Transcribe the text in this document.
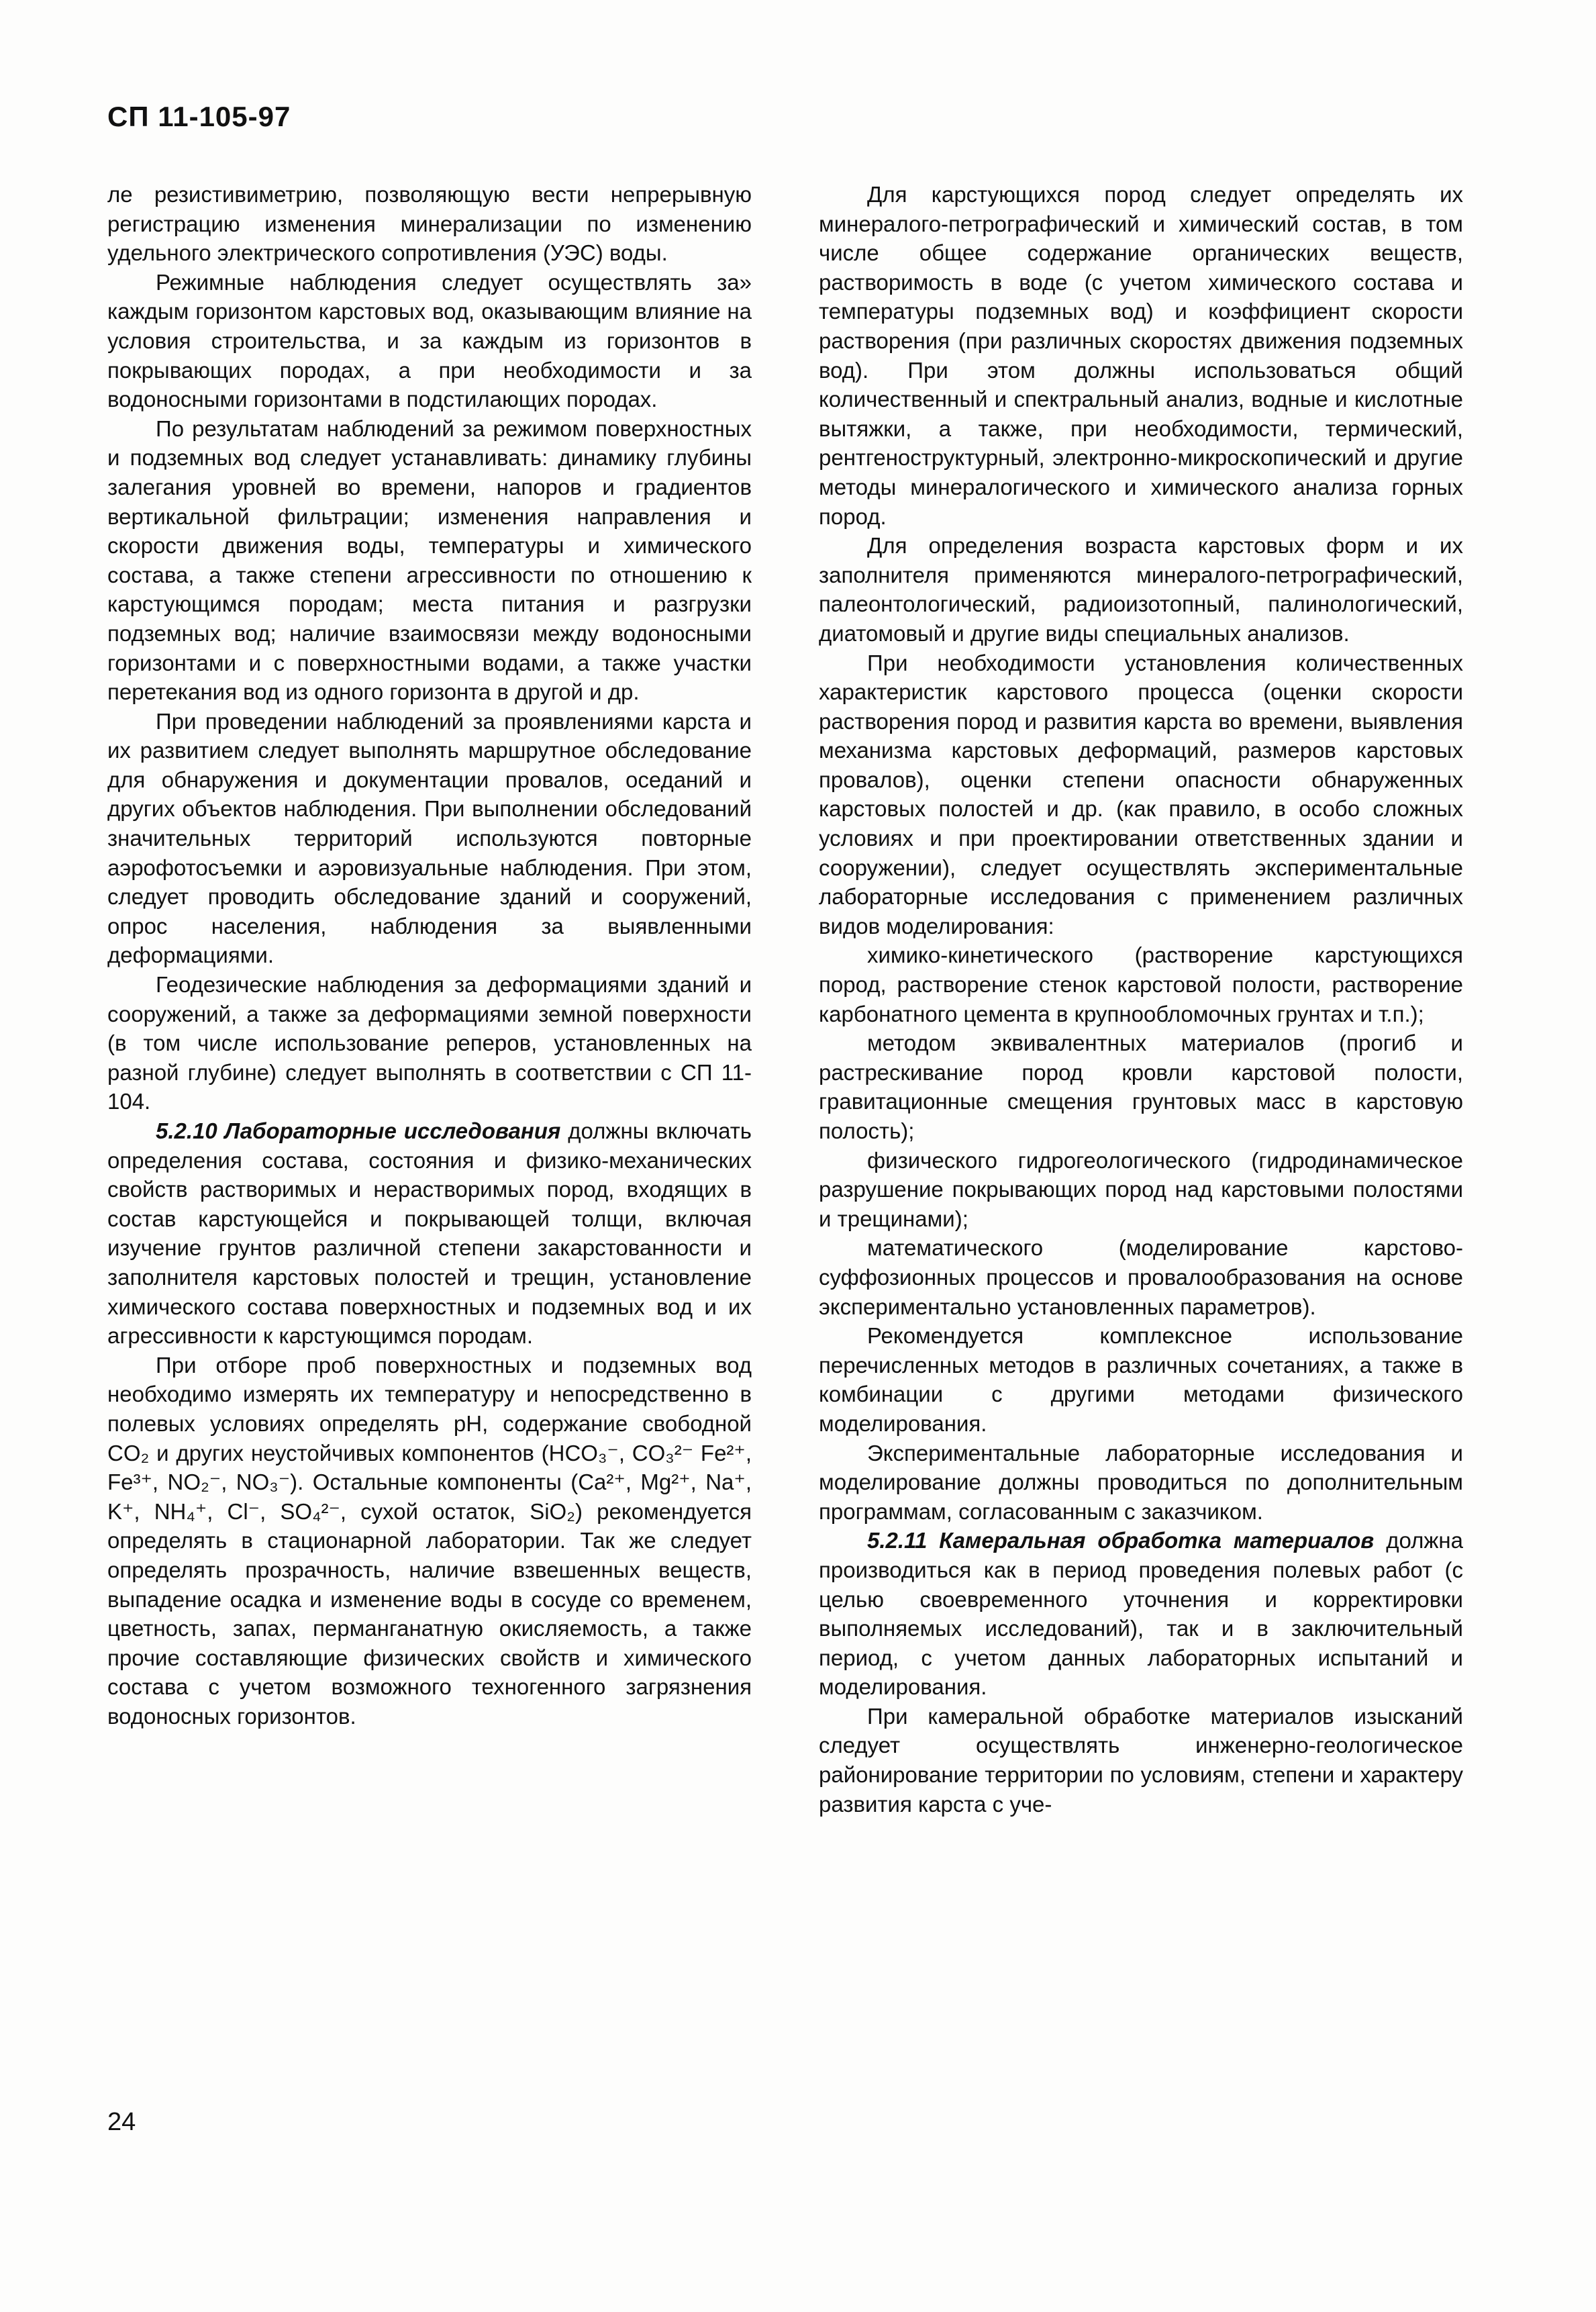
СП 11-105-97

ле резистивиметрию, позволяющую вести непрерывную регистрацию изменения минерализации по изменению удельного электрического сопротивления (УЭС) воды.

Режимные наблюдения следует осуществлять за» каждым горизонтом карстовых вод, оказывающим влияние на условия строительства, и за каждым из горизонтов в покрывающих породах, а при необходимости и за водоносными горизонтами в подстилающих породах.

По результатам наблюдений за режимом поверхностных и подземных вод следует устанавливать: динамику глубины залегания уровней во времени, напоров и градиентов вертикальной фильтрации; изменения направления и скорости движения воды, температуры и химического состава, а также степени агрессивности по отношению к карстующимся породам; места питания и разгрузки подземных вод; наличие взаимосвязи между водоносными горизонтами и с поверхностными водами, а также участки перетекания вод из одного горизонта в другой и др.

При проведении наблюдений за проявлениями карста и их развитием следует выполнять маршрутное обследование для обнаружения и документации провалов, оседаний и других объектов наблюдения. При выполнении обследований значительных территорий используются повторные аэрофотосъемки и аэровизуальные наблюдения. При этом, следует проводить обследование зданий и сооружений, опрос населения, наблюдения за выявленными деформациями.

Геодезические наблюдения за деформациями зданий и сооружений, а также за деформациями земной поверхности (в том числе использование реперов, установленных на разной глубине) следует выполнять в соответствии с СП 11-104.

5.2.10 Лабораторные исследования должны включать определения состава, состояния и физико-механических свойств растворимых и нерастворимых пород, входящих в состав карстующейся и покрывающей толщи, включая изучение грунтов различной степени закарстованности и заполнителя карстовых полостей и трещин, установление химического состава поверхностных и подземных вод и их агрессивности к карстующимся породам.

При отборе проб поверхностных и подземных вод необходимо измерять их температуру и непосредственно в полевых условиях определять pH, содержание свободной CO₂ и других неустойчивых компонентов (HCO₃⁻, CO₃²⁻ Fe²⁺, Fe³⁺, NO₂⁻, NO₃⁻). Остальные компоненты (Ca²⁺, Mg²⁺, Na⁺, K⁺, NH₄⁺, Cl⁻, SO₄²⁻, сухой остаток, SiO₂) рекомендуется определять в стационарной лаборатории. Так же следует определять прозрачность, наличие взвешенных веществ, выпадение осадка и изменение воды в сосуде со временем, цветность, запах, перманганатную окисляемость, а также прочие составляющие физических свойств и химического состава с учетом возможного техногенного загрязнения водоносных горизонтов.

Для карстующихся пород следует определять их минералого-петрографический и химический состав, в том числе общее содержание органических веществ, растворимость в воде (с учетом химического состава и температуры подземных вод) и коэффициент скорости растворения (при различных скоростях движения подземных вод). При этом должны использоваться общий количественный и спектральный анализ, водные и кислотные вытяжки, а также, при необходимости, термический, рентгеноструктурный, электронно-микроскопический и другие методы минералогического и химического анализа горных пород.

Для определения возраста карстовых форм и их заполнителя применяются минералого-петрографический, палеонтологический, радиоизотопный, палинологический, диатомовый и другие виды специальных анализов.

При необходимости установления количественных характеристик карстового процесса (оценки скорости растворения пород и развития карста во времени, выявления механизма карстовых деформаций, размеров карстовых провалов), оценки степени опасности обнаруженных карстовых полостей и др. (как правило, в особо сложных условиях и при проектировании ответственных здании и сооружении), следует осуществлять экспериментальные лабораторные исследования с применением различных видов моделирования:

химико-кинетического (растворение карстующихся пород, растворение стенок карстовой полости, растворение карбонатного цемента в крупнообломочных грунтах и т.п.);

методом эквивалентных материалов (прогиб и растрескивание пород кровли карстовой полости, гравитационные смещения грунтовых масс в карстовую полость);

физического гидрогеологического (гидродинамическое разрушение покрывающих пород над карстовыми полостями и трещинами);

математического (моделирование карстово-суффозионных процессов и провалообразования на основе экспериментально установленных параметров).

Рекомендуется комплексное использование перечисленных методов в различных сочетаниях, а также в комбинации с другими методами физического моделирования.

Экспериментальные лабораторные исследования и моделирование должны проводиться по дополнительным программам, согласованным с заказчиком.

5.2.11 Камеральная обработка материалов должна производиться как в период проведения полевых работ (с целью своевременного уточнения и корректировки выполняемых исследований), так и в заключительный период, с учетом данных лабораторных испытаний и моделирования.

При камеральной обработке материалов изысканий следует осуществлять инженерно-геологическое районирование территории по условиям, степени и характеру развития карста с уче-

24
